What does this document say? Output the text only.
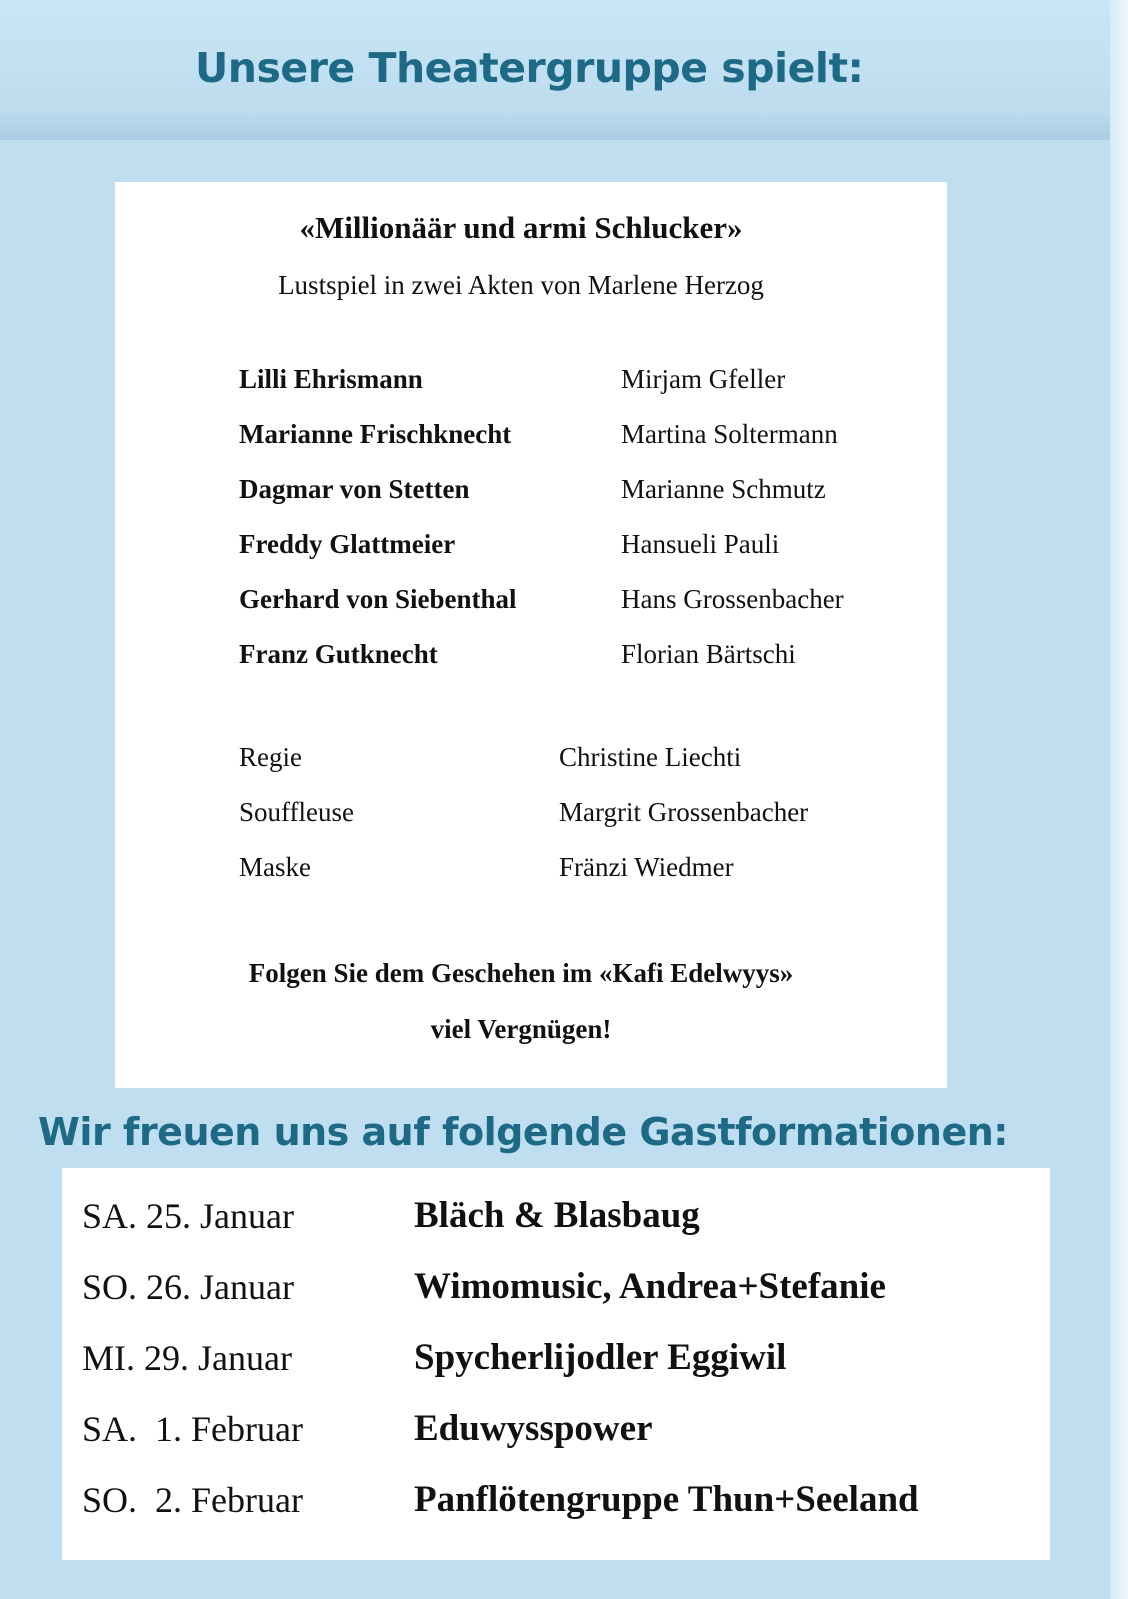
Unsere Theatergruppe spielt:

«Millionäär und armi Schlucker»

Lustspiel in zwei Akten von Marlene Herzog

Lilli Ehrismann	Mirjam Gfeller
Marianne Frischknecht	Martina Soltermann
Dagmar von Stetten	Marianne Schmutz
Freddy Glattmeier	Hansueli Pauli
Gerhard von Siebenthal	Hans Grossenbacher
Franz Gutknecht	Florian Bärtschi
Regie	Christine Liechti
Souffleuse	Margrit Grossenbacher
Maske	Fränzi Wiedmer

Folgen Sie dem Geschehen im «Kafi Edelwyys»

viel Vergnügen!

Wir freuen uns auf folgende Gastformationen:
SA. 25. Januar	Bläch & Blasbaug
SO. 26. Januar	Wimomusic, Andrea+Stefanie
MI. 29. Januar	Spycherlijodler Eggiwil
SA.  1. Februar	Eduwysspower
SO.  2. Februar	Panflötengruppe Thun+Seeland
